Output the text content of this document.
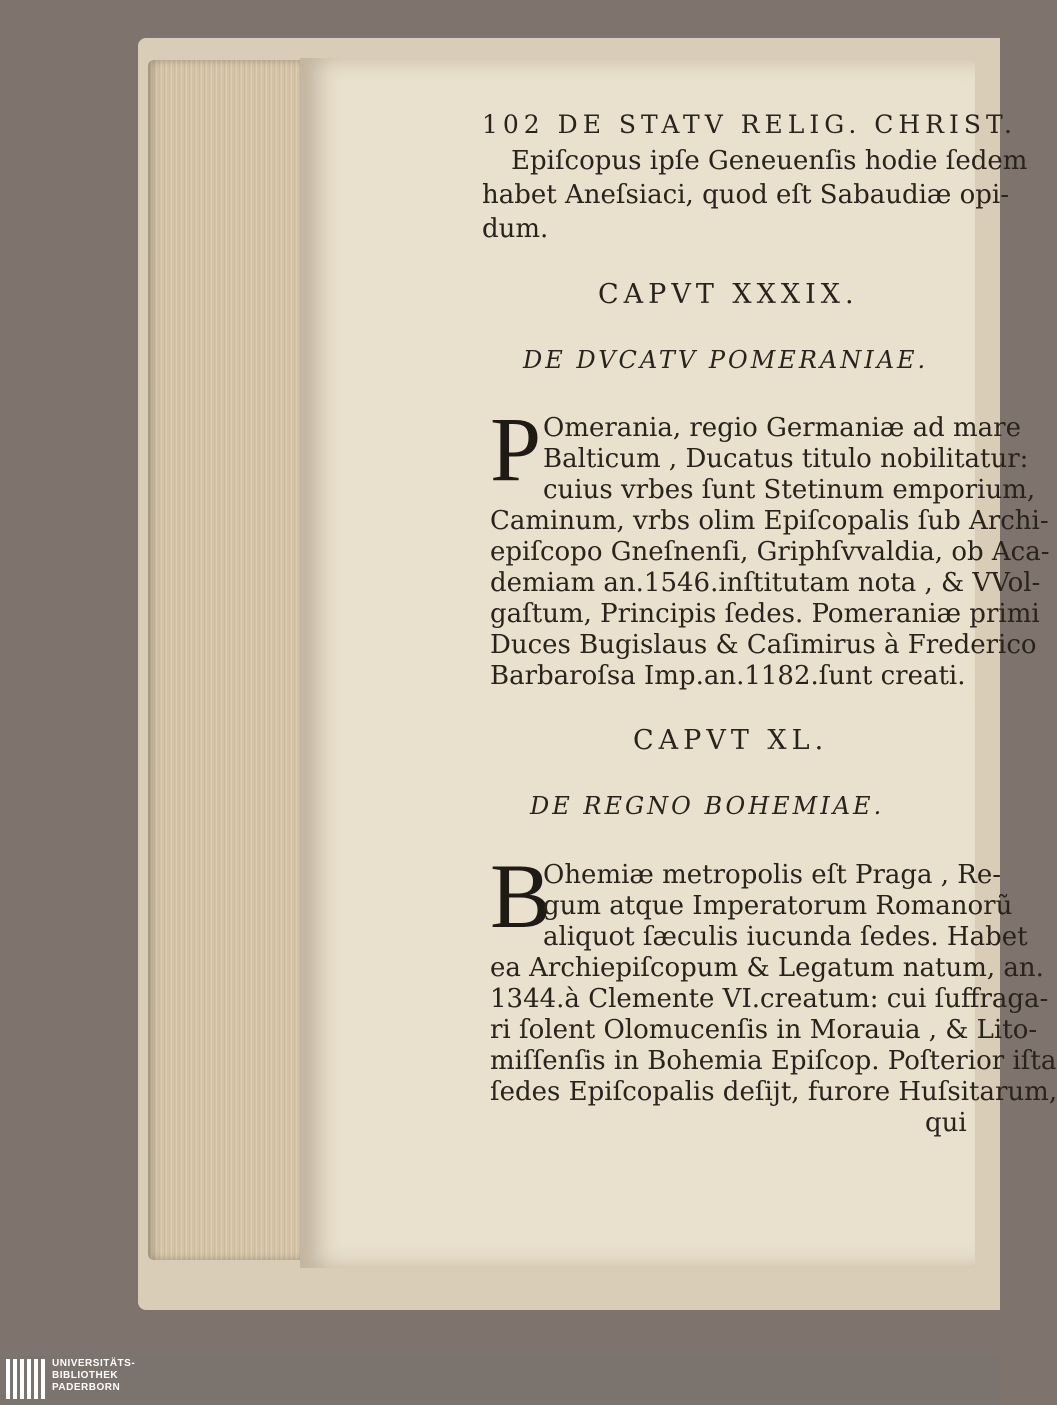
102 DE STATV RELIG. CHRIST.
Epiſcopus ipſe Geneuenſis hodie ſedem
habet Aneſsiaci, quod eſt Sabaudiæ opi-
dum.
CAPVT XXXIX.
DE DVCATV POMERANIAE.
P Omerania, regio Germaniæ ad mare
Balticum , Ducatus titulo nobilitatur:
cuius vrbes ſunt Stetinum emporium,
Caminum, vrbs olim Epiſcopalis ſub Archi-
epiſcopo Gneſnenſi, Griphſvvaldia, ob Aca-
demiam an.1546.inſtitutam nota , & VVol-
gaſtum, Principis ſedes. Pomeraniæ primi
Duces Bugislaus & Caſimirus à Frederico
Barbaroſsa Imp.an.1182.ſunt creati.
CAPVT XL.
DE REGNO BOHEMIAE.
B
Ohemiæ metropolis eſt Praga , Re-
gum atque Imperatorum Romanorũ
aliquot ſæculis iucunda ſedes. Habet
ea Archiepiſcopum & Legatum natum, an.
1344.à Clemente VI.creatum: cui ſuffraga-
ri ſolent Olomucenſis in Morauia , & Lito-
miſſenſis in Bohemia Epiſcop. Poſterior iſta
ſedes Epiſcopalis deſijt, furore Huſsitarum,
qui
UNIVERSITÄTS-
BIBLIOTHEK
PADERBORN
